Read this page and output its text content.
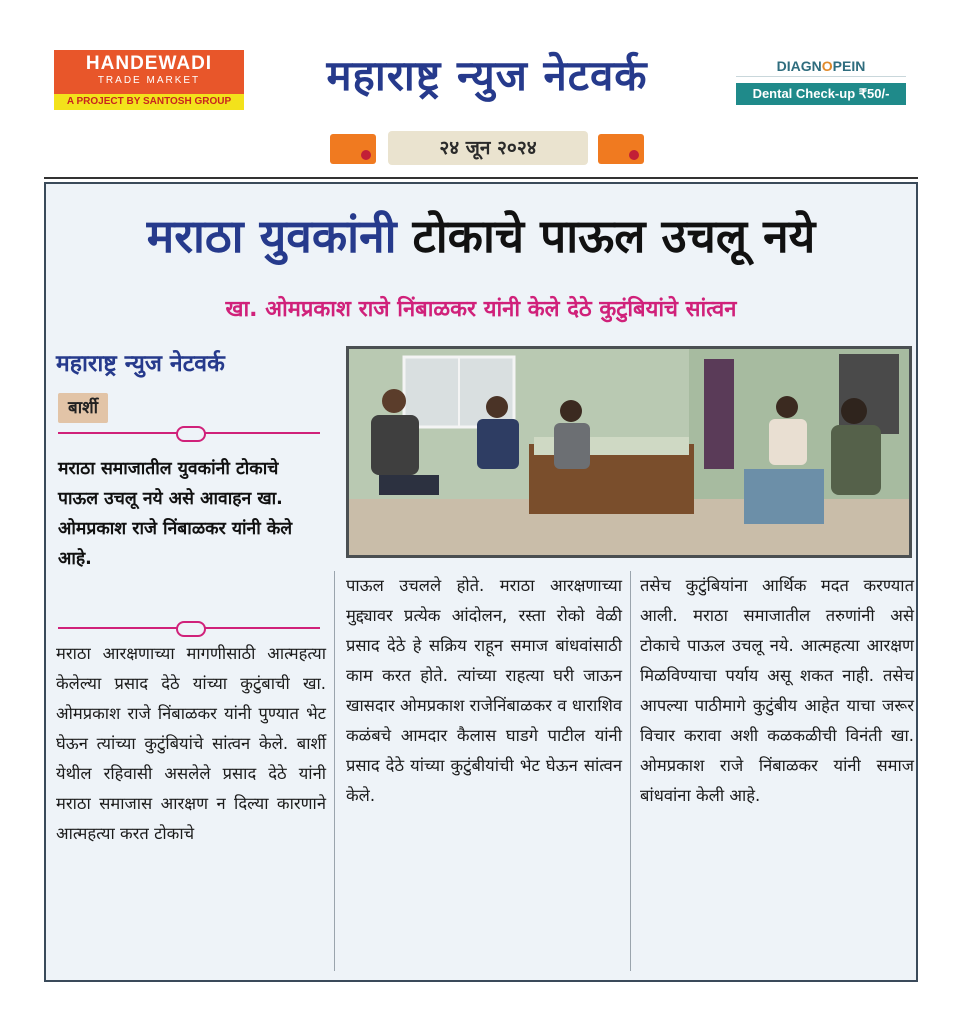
HANDEWADI
TRADE MARKET
A PROJECT BY SANTOSH GROUP
महाराष्ट्र न्युज नेटवर्क	DIAGNOPEIN
Dental Check-up ₹50/-
२४ जून २०२४
मराठा युवकांनी टोकाचे पाऊल उचलू नये
खा. ओमप्रकाश राजे निंबाळकर यांनी केले देठे कुटुंबियांचे सांत्वन
महाराष्ट्र न्युज नेटवर्क
बार्शी
मराठा समाजातील युवकांनी टोकाचे पाऊल उचलू नये असे आवाहन खा. ओमप्रकाश राजे निंबाळकर यांनी केले आहे.
मराठा आरक्षणाच्या मागणीसाठी आत्महत्या केलेल्या प्रसाद देठे यांच्या कुटुंबाची खा. ओमप्रकाश राजे निंबाळकर यांनी पुण्यात भेट घेऊन त्यांच्या कुटुंबियांचे सांत्वन केले. बार्शी येथील रहिवासी असलेले प्रसाद देठे यांनी मराठा समाजास आरक्षण न दिल्या कारणाने आत्महत्या करत टोकाचे
पाऊल उचलले होते. मराठा आरक्षणाच्या मुद्द्यावर प्रत्येक आंदोलन, रस्ता रोको वेळी प्रसाद देठे हे सक्रिय राहून समाज बांधवांसाठी काम करत होते. त्यांच्या राहत्या घरी जाऊन खासदार ओमप्रकाश राजेनिंबाळकर व धाराशिव कळंबचे आमदार कैलास घाडगे पाटील यांनी प्रसाद देठे यांच्या कुटुंबीयांची भेट घेऊन सांत्वन केले.
तसेच कुटुंबियांना आर्थिक मदत करण्यात आली. मराठा समाजातील तरुणांनी असे टोकाचे पाऊल उचलू नये. आत्महत्या आरक्षण मिळविण्याचा पर्याय असू शकत नाही. तसेच आपल्या पाठीमागे कुटुंबीय आहेत याचा जरूर विचार करावा अशी कळकळीची विनंती खा. ओमप्रकाश राजे निंबाळकर यांनी समाज बांधवांना केली आहे.
